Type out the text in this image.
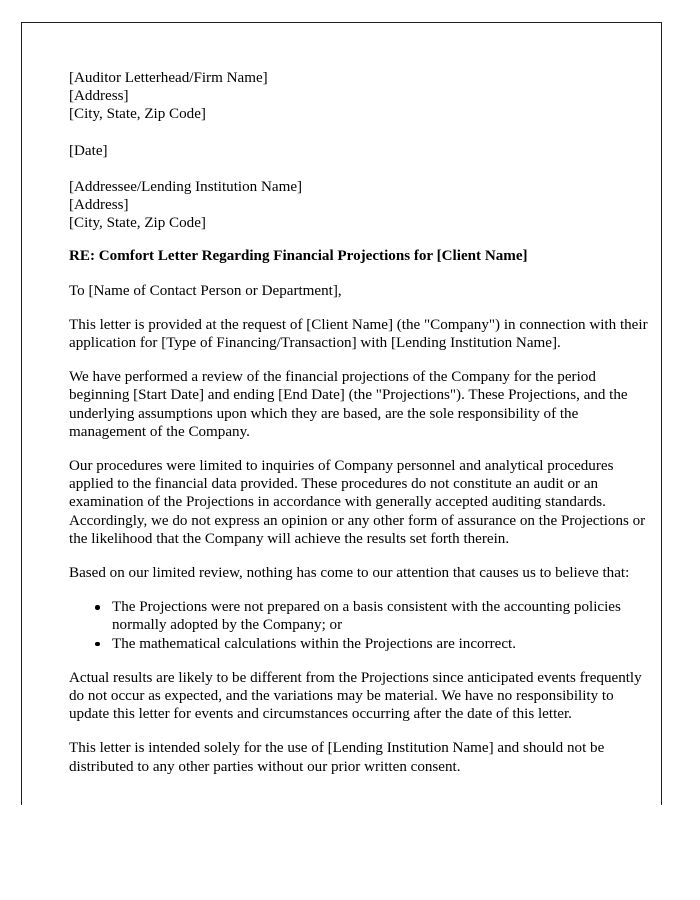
[Auditor Letterhead/Firm Name]
[Address]
[City, State, Zip Code]
[Date]
[Addressee/Lending Institution Name]
[Address]
[City, State, Zip Code]
RE: Comfort Letter Regarding Financial Projections for [Client Name]
To [Name of Contact Person or Department],

This letter is provided at the request of [Client Name] (the "Company") in connection with their application for [Type of Financing/Transaction] with [Lending Institution Name].

We have performed a review of the financial projections of the Company for the period beginning [Start Date] and ending [End Date] (the "Projections"). These Projections, and the underlying assumptions upon which they are based, are the sole responsibility of the management of the Company.

Our procedures were limited to inquiries of Company personnel and analytical procedures applied to the financial data provided. These procedures do not constitute an audit or an examination of the Projections in accordance with generally accepted auditing standards. Accordingly, we do not express an opinion or any other form of assurance on the Projections or the likelihood that the Company will achieve the results set forth therein.

Based on our limited review, nothing has come to our attention that causes us to believe that:

The Projections were not prepared on a basis consistent with the accounting policies normally adopted by the Company; or
The mathematical calculations within the Projections are incorrect.

Actual results are likely to be different from the Projections since anticipated events frequently do not occur as expected, and the variations may be material. We have no responsibility to update this letter for events and circumstances occurring after the date of this letter.

This letter is intended solely for the use of [Lending Institution Name] and should not be distributed to any other parties without our prior written consent.
